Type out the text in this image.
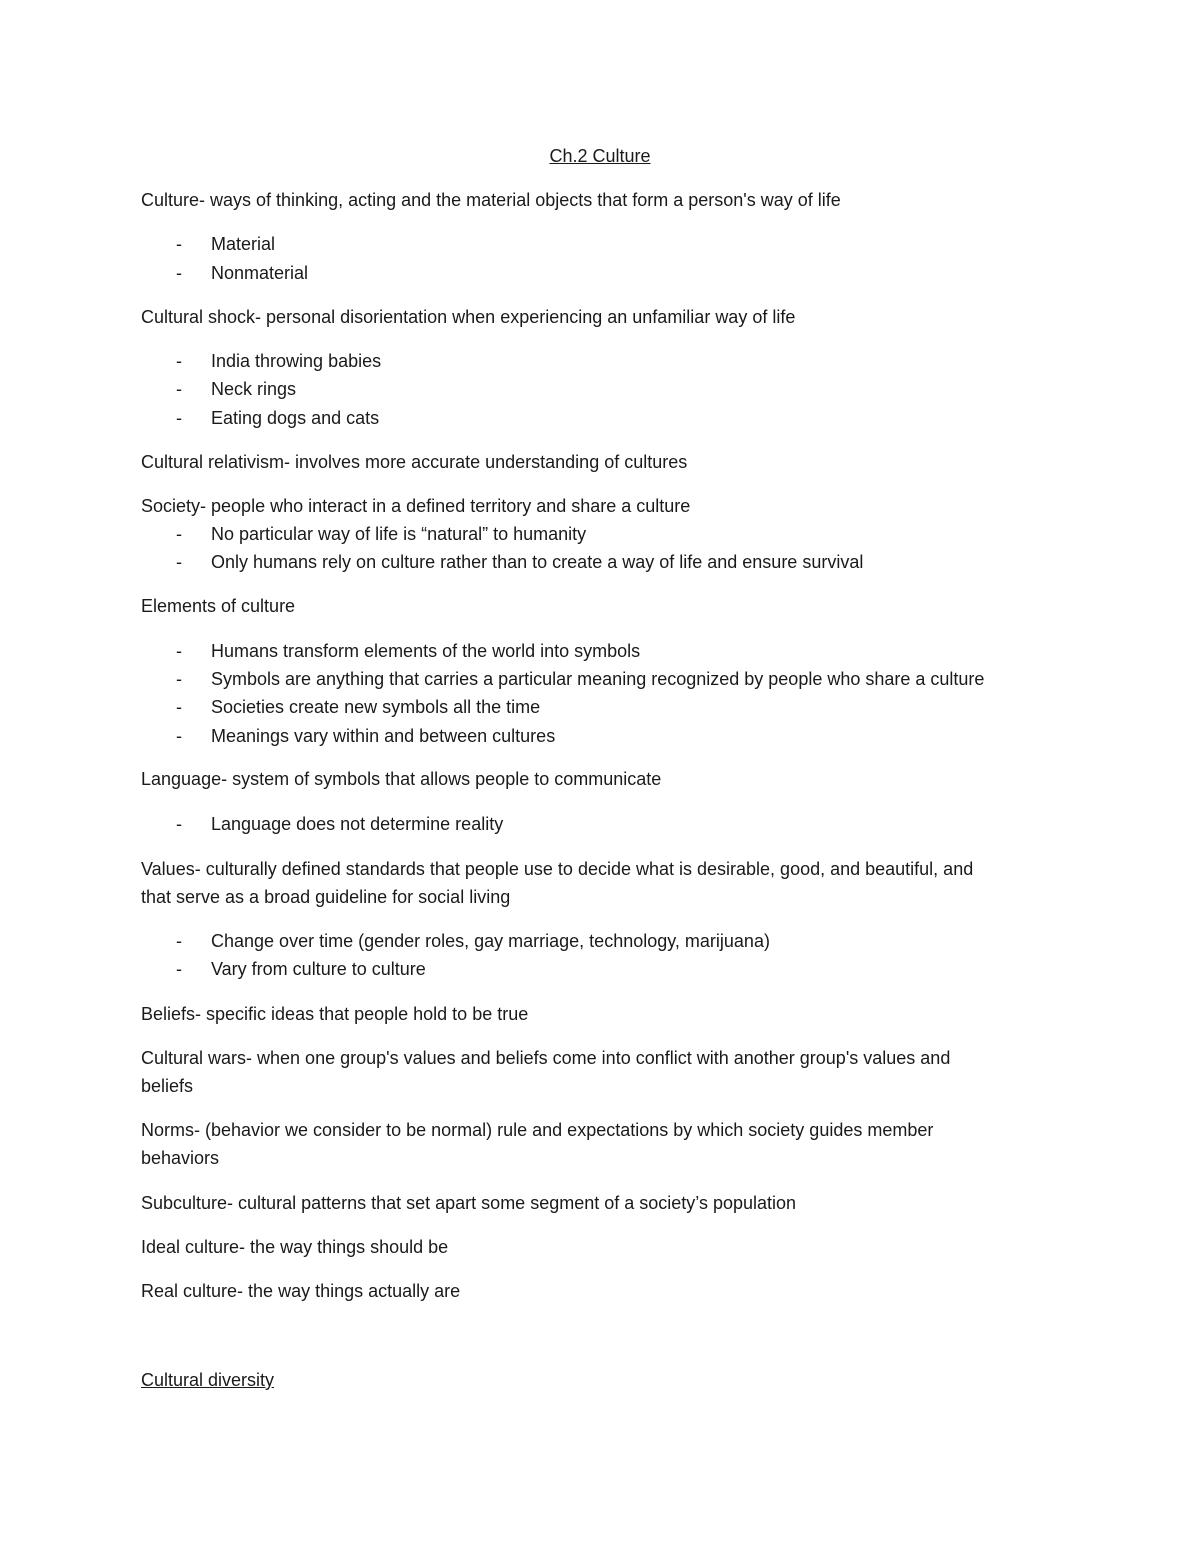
Ch.2 Culture
Culture- ways of thinking, acting and the material objects that form a person's way of life
- Material
- Nonmaterial
Cultural shock- personal disorientation when experiencing an unfamiliar way of life
- India throwing babies
- Neck rings
- Eating dogs and cats
Cultural relativism- involves more accurate understanding of cultures
Society- people who interact in a defined territory and share a culture
- No particular way of life is “natural” to humanity
- Only humans rely on culture rather than to create a way of life and ensure survival
Elements of culture
- Humans transform elements of the world into symbols
- Symbols are anything that carries a particular meaning recognized by people who share a culture
- Societies create new symbols all the time
- Meanings vary within and between cultures
Language- system of symbols that allows people to communicate
- Language does not determine reality
Values- culturally defined standards that people use to decide what is desirable, good, and beautiful, and
that serve as a broad guideline for social living
- Change over time (gender roles, gay marriage, technology, marijuana)
- Vary from culture to culture
Beliefs- specific ideas that people hold to be true
Cultural wars- when one group's values and beliefs come into conflict with another group's values and
beliefs
Norms- (behavior we consider to be normal) rule and expectations by which society guides member
behaviors
Subculture- cultural patterns that set apart some segment of a society’s population
Ideal culture- the way things should be
Real culture- the way things actually are
Cultural diversity
